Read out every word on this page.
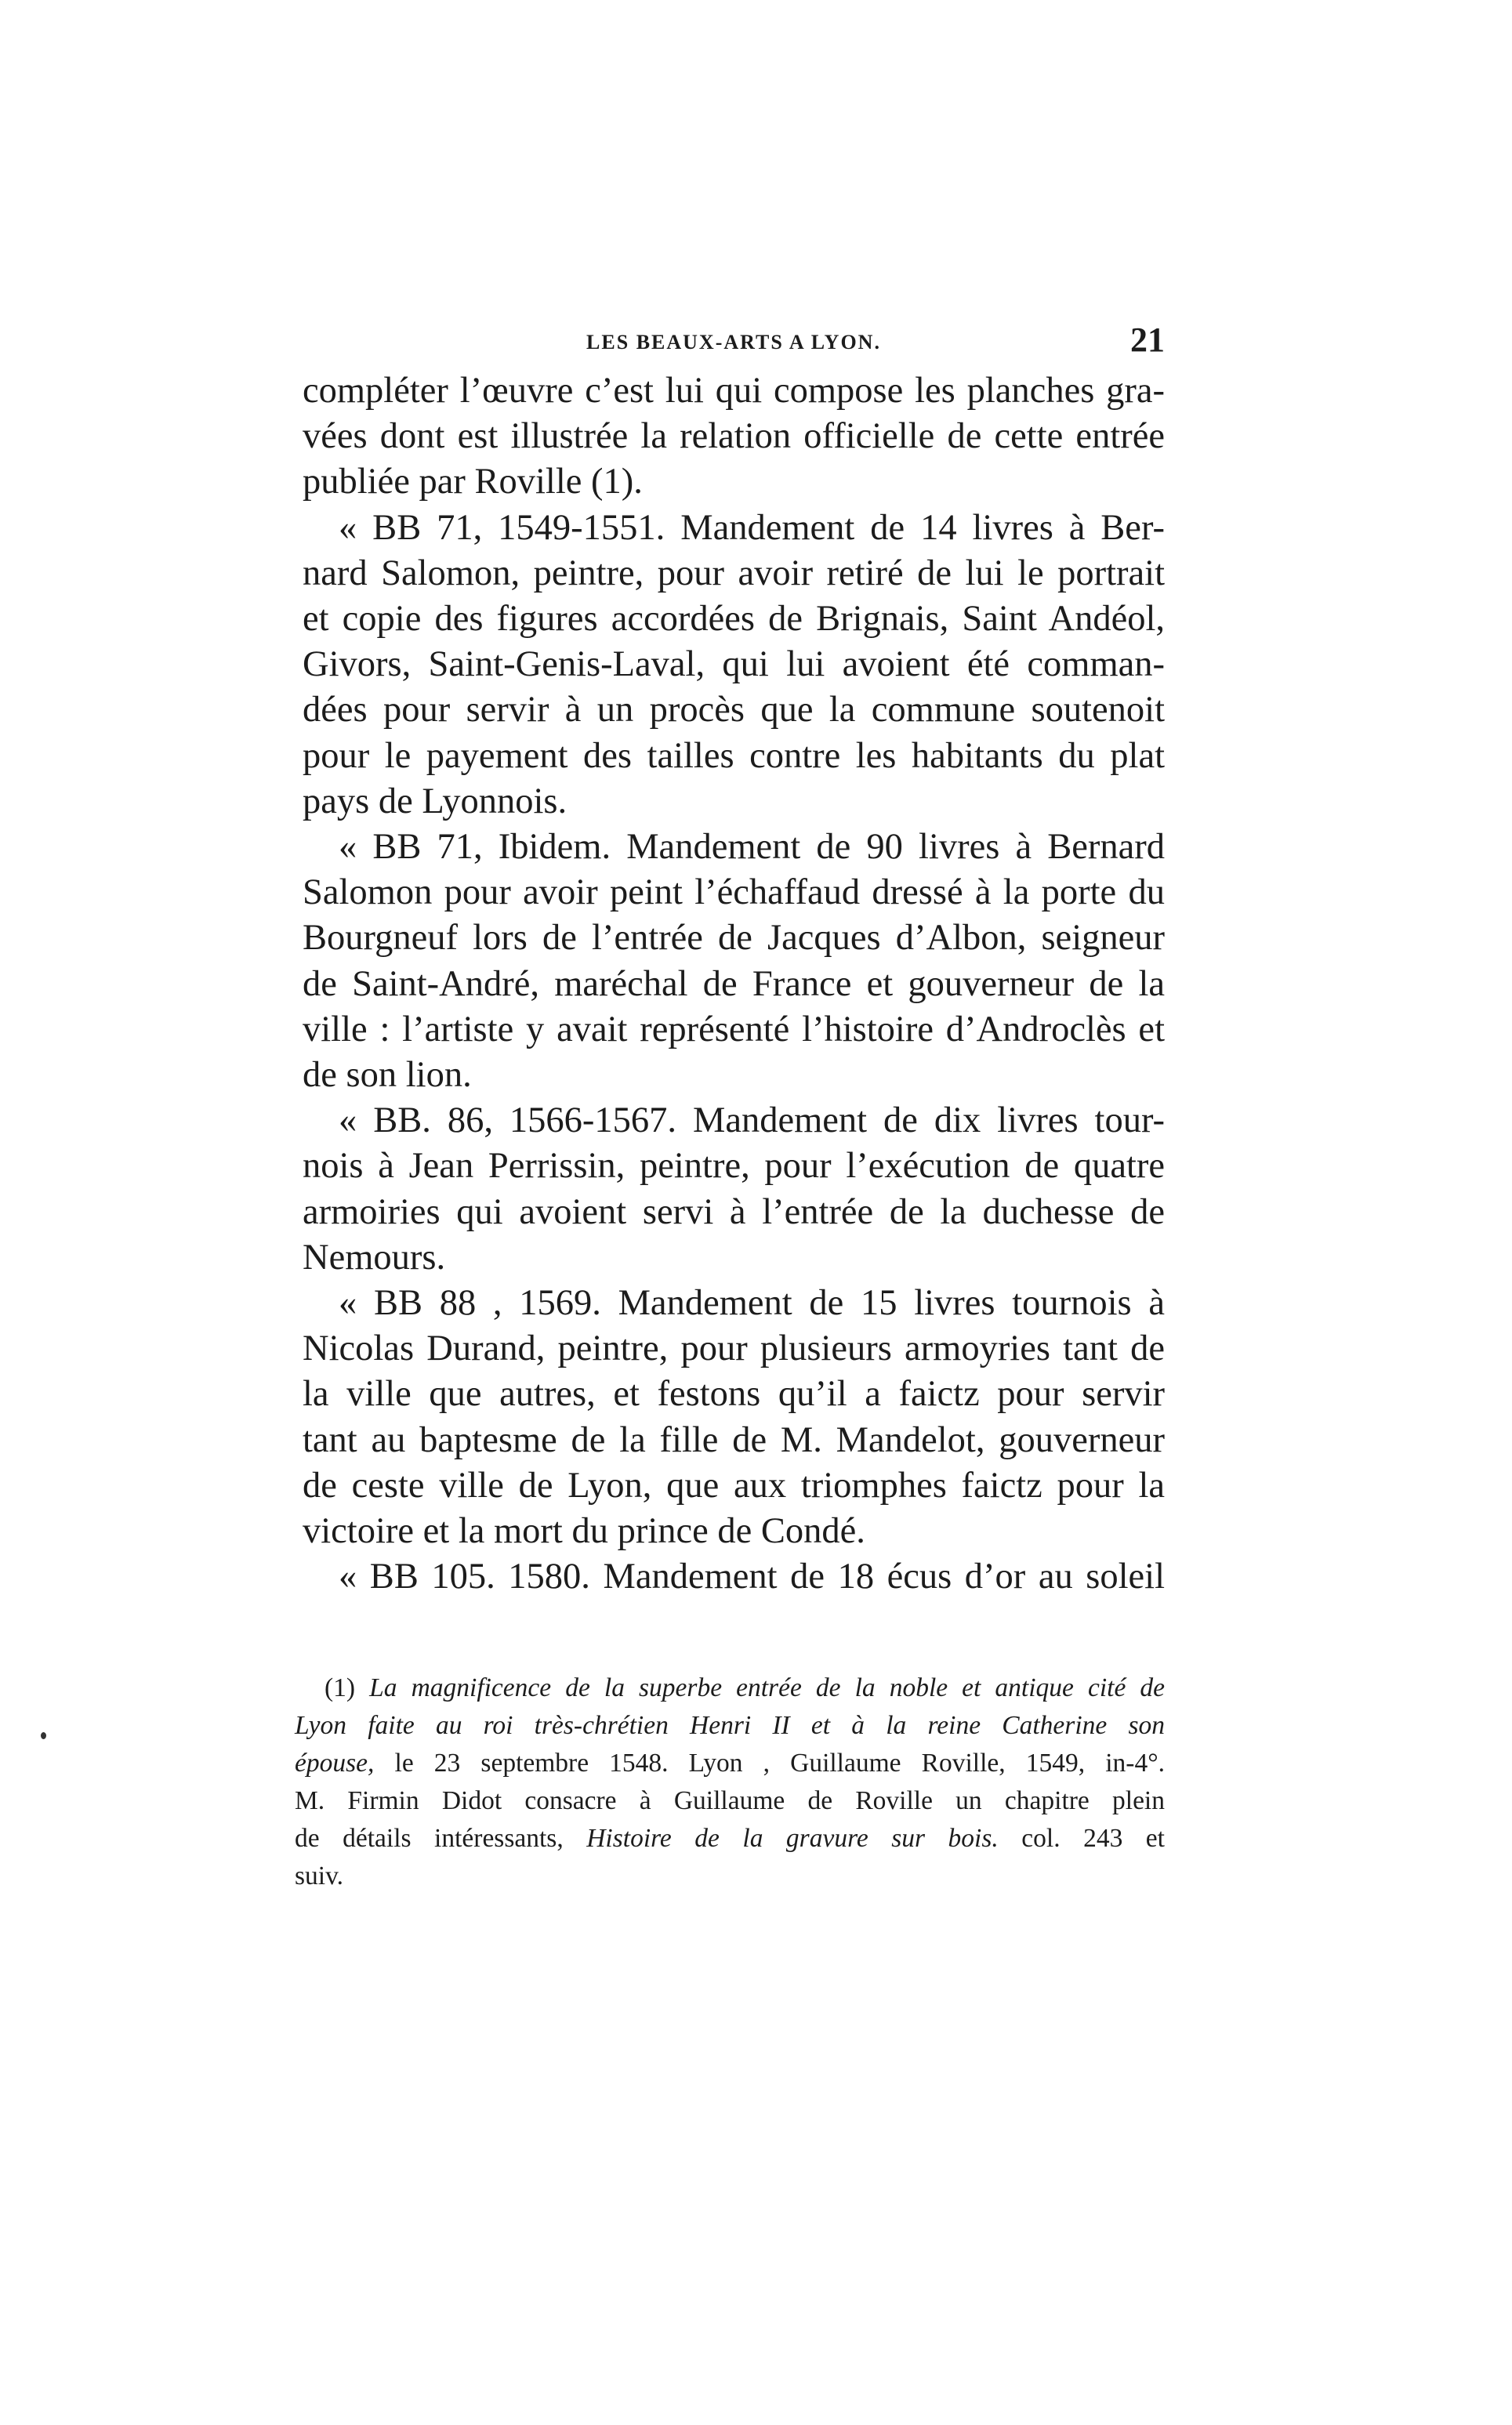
LES BEAUX-ARTS A LYON.	21

compléter l’œuvre c’est lui qui compose les planches gra-

vées dont est illustrée la relation officielle de cette entrée

publiée par Roville (1).

« BB 71, 1549-1551. Mandement de 14 livres à Ber-

nard Salomon, peintre, pour avoir retiré de lui le portrait

et copie des figures accordées de Brignais, Saint Andéol,

Givors, Saint-Genis-Laval, qui lui avoient été comman-

dées pour servir à un procès que la commune soutenoit

pour le payement des tailles contre les habitants du plat

pays de Lyonnois.

« BB 71, Ibidem. Mandement de 90 livres à Bernard

Salomon pour avoir peint l’échaffaud dressé à la porte du

Bourgneuf lors de l’entrée de Jacques d’Albon, seigneur

de Saint-André, maréchal de France et gouverneur de la

ville : l’artiste y avait représenté l’histoire d’Androclès et

de son lion.

« BB. 86, 1566-1567. Mandement de dix livres tour-

nois à Jean Perrissin, peintre, pour l’exécution de quatre

armoiries qui avoient servi à l’entrée de la duchesse de

Nemours.

« BB 88 , 1569. Mandement de 15 livres tournois à

Nicolas Durand, peintre, pour plusieurs armoyries tant de

la ville que autres, et festons qu’il a faictz pour servir

tant au baptesme de la fille de M. Mandelot, gouverneur

de ceste ville de Lyon, que aux triomphes faictz pour la

victoire et la mort du prince de Condé.

« BB 105. 1580. Mandement de 18 écus d’or au soleil

(1) La magnificence de la superbe entrée de la noble et antique cité de

Lyon faite au roi très-chrétien Henri II et à la reine Catherine son

épouse, le 23 septembre 1548. Lyon , Guillaume Roville, 1549, in-4°.

M. Firmin Didot consacre à Guillaume de Roville un chapitre plein

de détails intéressants, Histoire de la gravure sur bois. col. 243 et

suiv.
